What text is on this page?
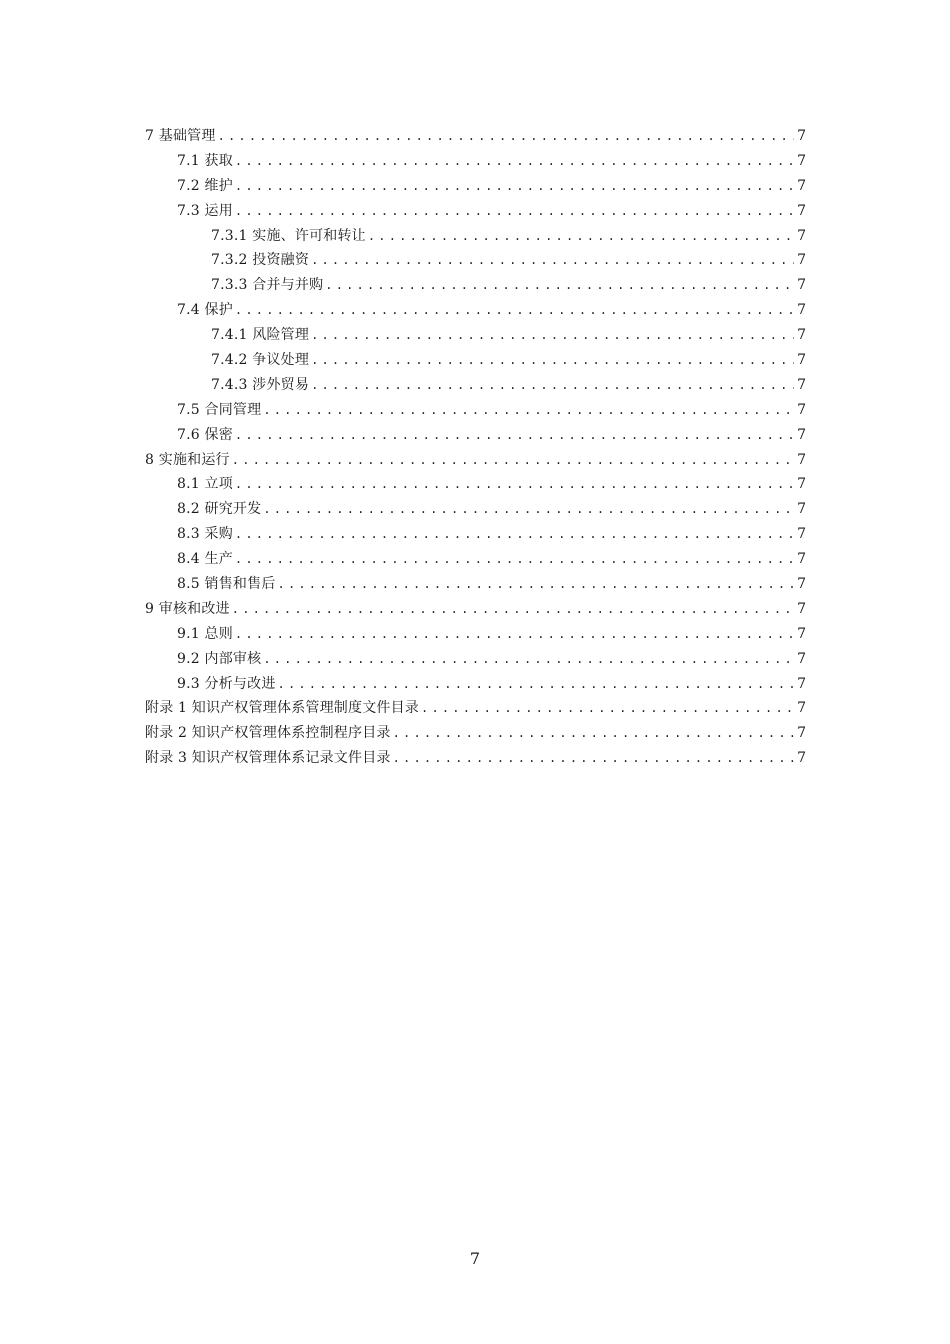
7 基础管理 .....	7
7.1 获取 .....	7
7.2 维护 .....	7
7.3 运用 .....	7
7.3.1 实施、许可和转让 .....	7
7.3.2 投资融资 .....	7
7.3.3 合并与并购 .....	7
7.4 保护 .....	7
7.4.1 风险管理 .....	7
7.4.2 争议处理 .....	7
7.4.3 涉外贸易 .....	7
7.5 合同管理 .....	7
7.6 保密 .....	7
8 实施和运行 .....	7
8.1 立项 .....	7
8.2 研究开发 .....	7
8.3 采购 .....	7
8.4 生产 .....	7
8.5 销售和售后 .....	7
9 审核和改进 .....	7
9.1 总则 .....	7
9.2 内部审核 .....	7
9.3 分析与改进 .....	7
附录 1 知识产权管理体系管理制度文件目录 .....	7
附录 2 知识产权管理体系控制程序目录 .....	7
附录 3 知识产权管理体系记录文件目录 .....	7
7
